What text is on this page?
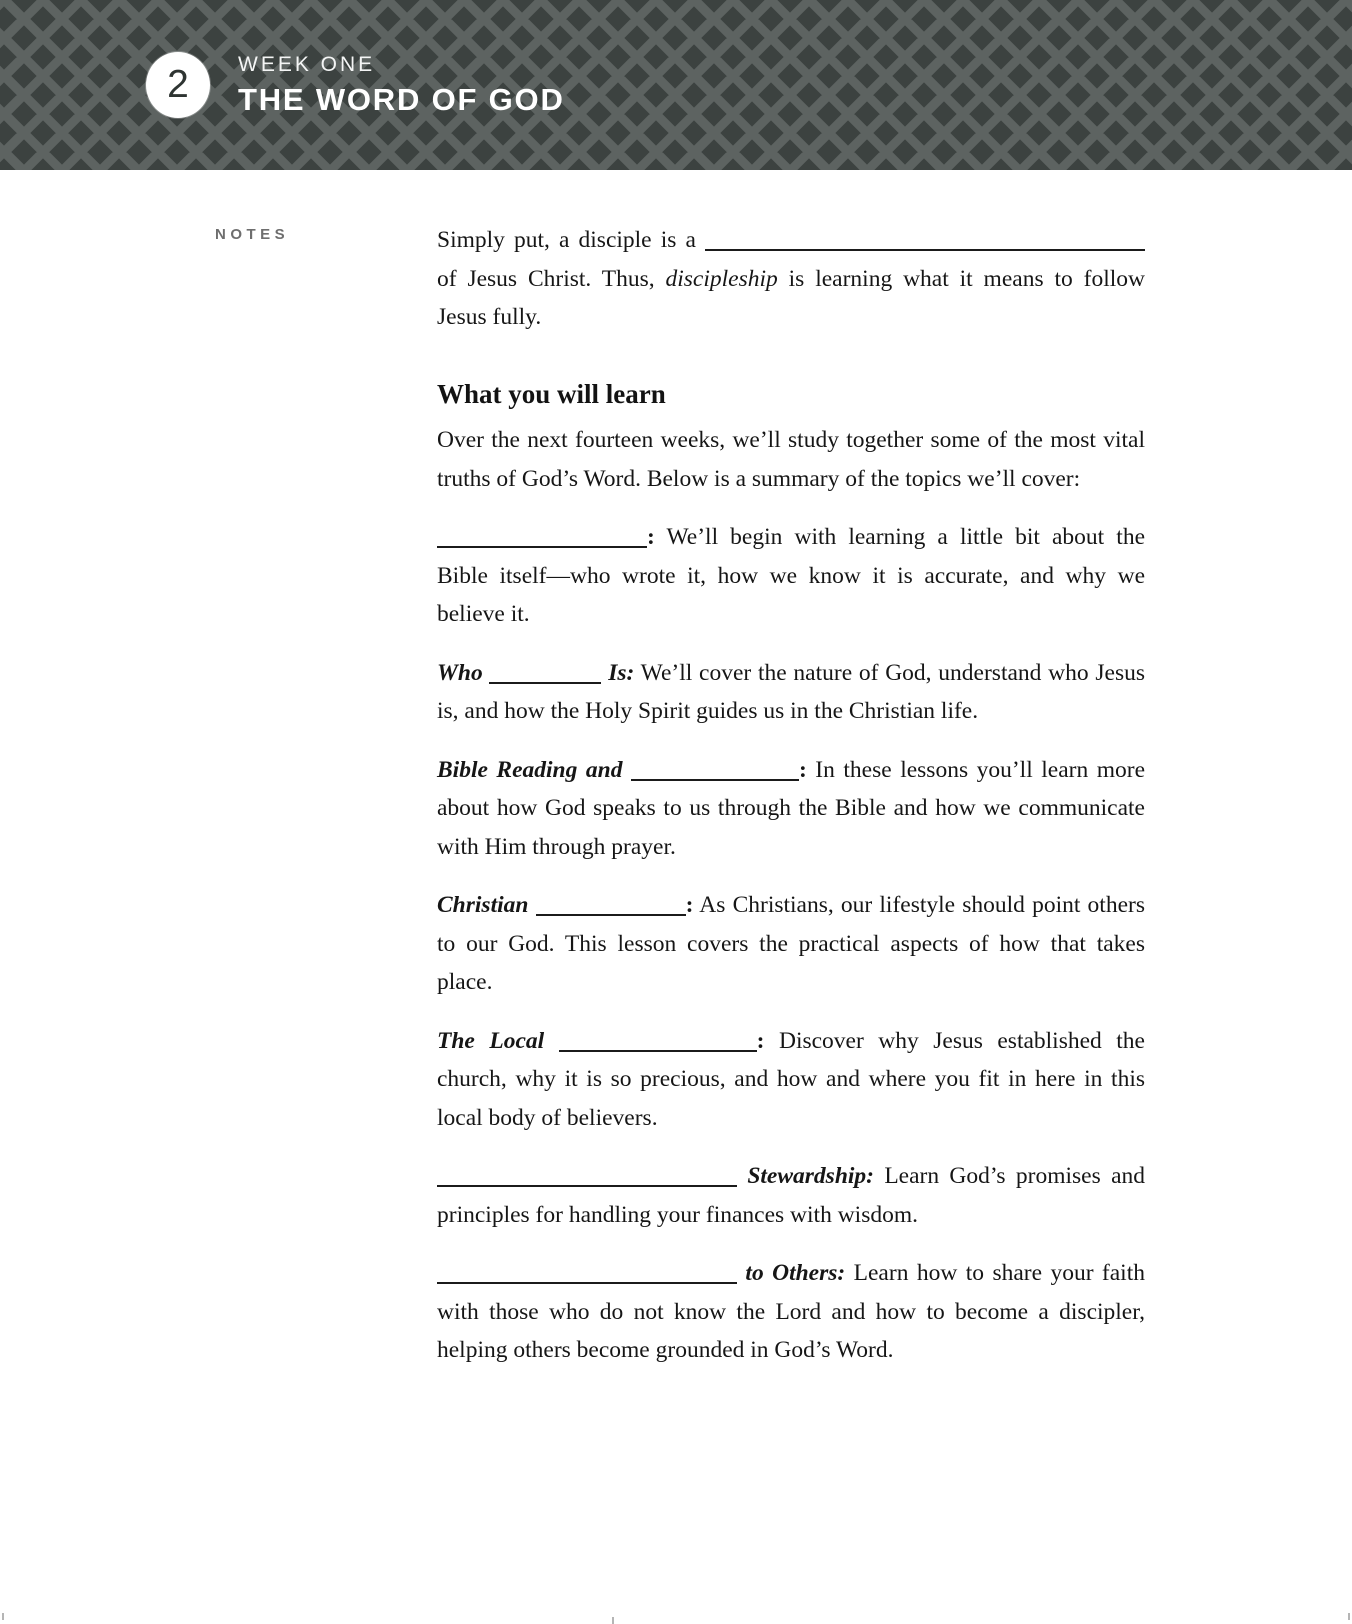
2 WEEK ONE
THE WORD OF GOD
NOTES	Simply put, a disciple is a  of Jesus Christ. Thus, discipleship is learning what it means to follow Jesus fully.

What you will learn

Over the next fourteen weeks, we’ll study together some of the most vital truths of God’s Word. Below is a summary of the topics we’ll cover:

: We’ll begin with learning a little bit about the Bible itself—who wrote it, how we know it is accurate, and why we believe it.

Who	Is: We’ll cover the nature of God, understand who Jesus is, and how the Holy Spirit guides us in the Christian life.

Bible Reading and	: In these lessons you’ll learn more about how God speaks to us through the Bible and how we communicate with Him through prayer.

Christian	: As Christians, our lifestyle should point others to our God. This lesson covers the practical aspects of how that takes place.

The Local	: Discover why Jesus established the church, why it is so precious, and how and where you fit in here in this local body of believers.

Stewardship: Learn God’s promises and principles for handling your finances with wisdom.

to Others: Learn how to share your faith with those who do not know the Lord and how to become a discipler, helping others become grounded in God’s Word.
